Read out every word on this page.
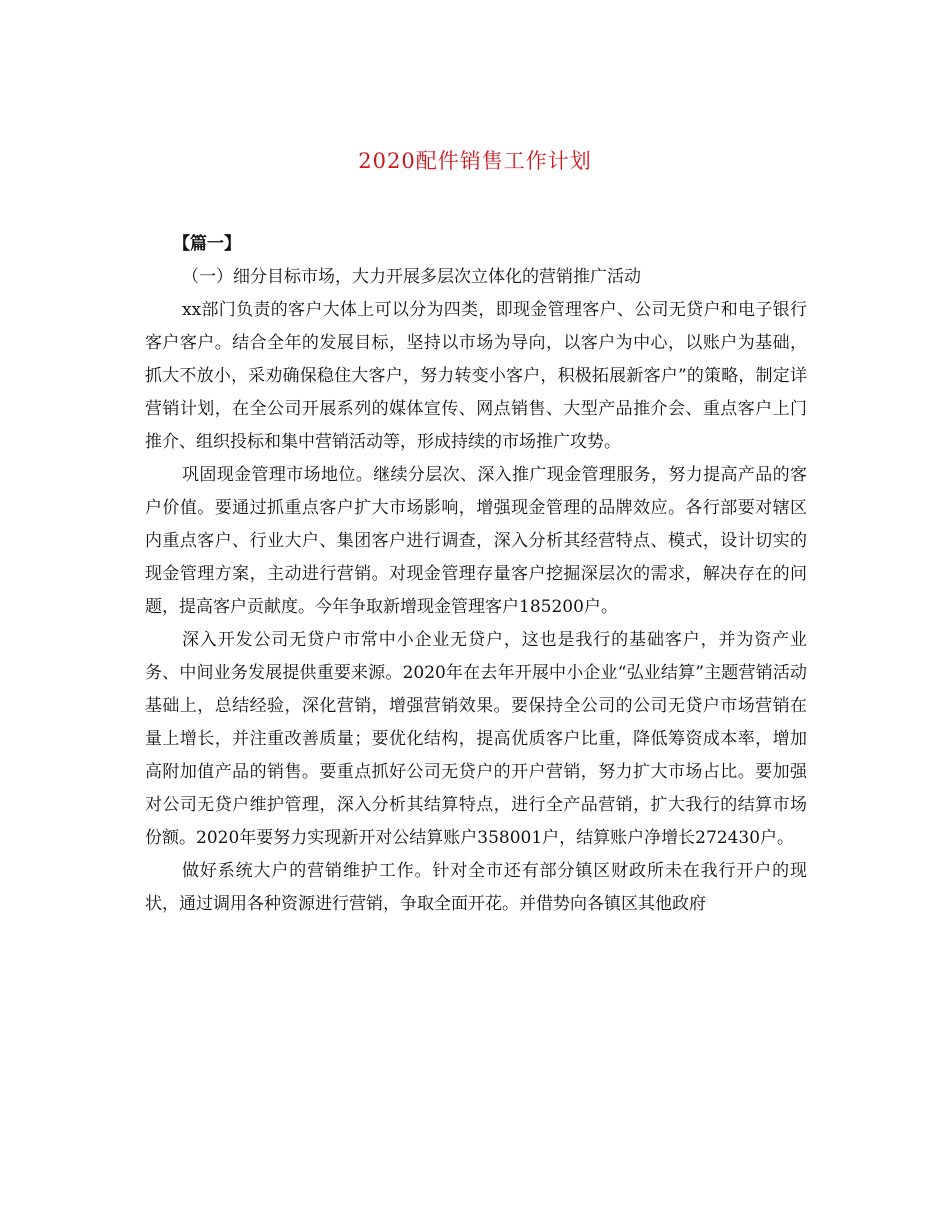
2020配件销售工作计划

【篇一】

（一）细分目标市场，大力开展多层次立体化的营销推广活动

xx部门负责的客户大体上可以分为四类，即现金管理客户、公司无贷户和电子银行客户客户。结合全年的发展目标，坚持以市场为导向，以客户为中心，以账户为基础，抓大不放小，采劝确保稳住大客户，努力转变小客户，积极拓展新客户”的策略，制定详营销计划，在全公司开展系列的媒体宣传、网点销售、大型产品推介会、重点客户上门推介、组织投标和集中营销活动等，形成持续的市场推广攻势。

巩固现金管理市场地位。继续分层次、深入推广现金管理服务，努力提高产品的客户价值。要通过抓重点客户扩大市场影响，增强现金管理的品牌效应。各行部要对辖区内重点客户、行业大户、集团客户进行调查，深入分析其经营特点、模式，设计切实的现金管理方案，主动进行营销。对现金管理存量客户挖掘深层次的需求，解决存在的问题，提高客户贡献度。今年争取新增现金管理客户185200户。

深入开发公司无贷户市常中小企业无贷户，这也是我行的基础客户，并为资产业务、中间业务发展提供重要来源。2020年在去年开展中小企业“弘业结算”主题营销活动基础上，总结经验，深化营销，增强营销效果。要保持全公司的公司无贷户市场营销在量上增长，并注重改善质量；要优化结构，提高优质客户比重，降低筹资成本率，增加高附加值产品的销售。要重点抓好公司无贷户的开户营销，努力扩大市场占比。要加强对公司无贷户维护管理，深入分析其结算特点，进行全产品营销，扩大我行的结算市场份额。2020年要努力实现新开对公结算账户358001户，结算账户净增长272430户。

做好系统大户的营销维护工作。针对全市还有部分镇区财政所未在我行开户的现状，通过调用各种资源进行营销，争取全面开花。并借势向各镇区其他政府
